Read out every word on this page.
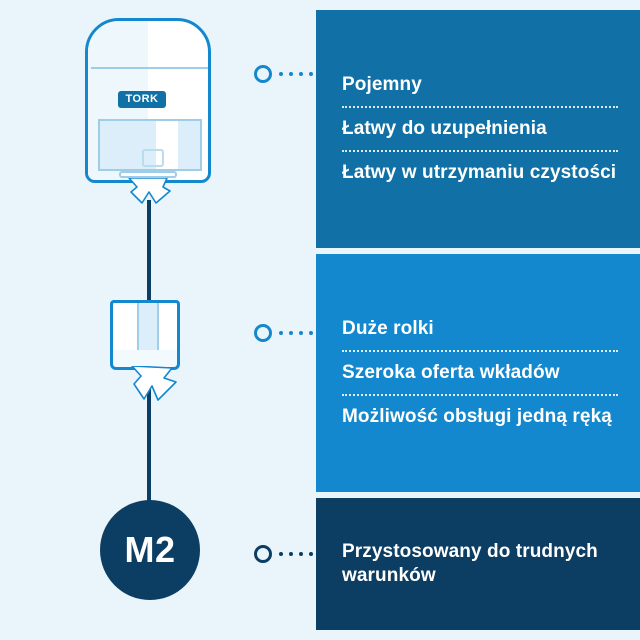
TORK
M2
Pojemny
Łatwy do uzupełnienia
Łatwy w utrzymaniu czystości
Duże rolki
Szeroka oferta wkładów
Możliwość obsługi jedną ręką
Przystosowany do trudnych warunków
